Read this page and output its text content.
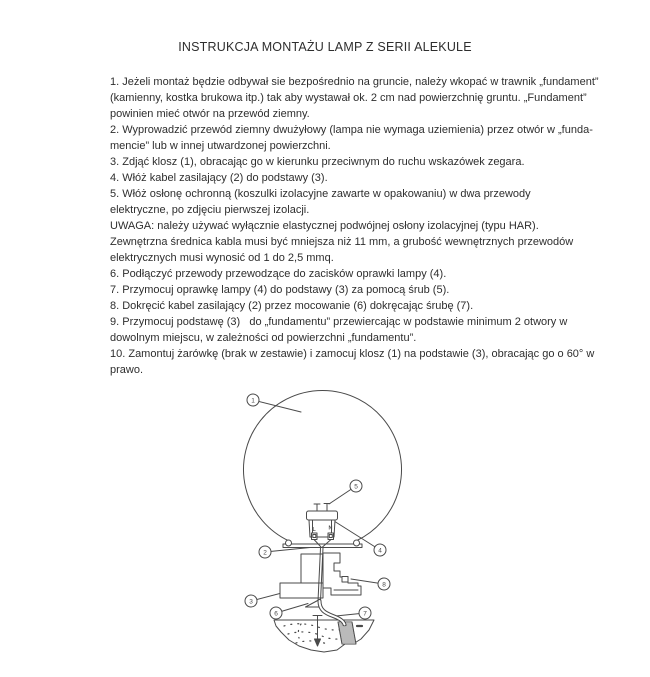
INSTRUKCJA MONTAŻU LAMP Z SERII ALEKULE
1. Jeżeli montaż będzie odbywał sie bezpośrednio na gruncie, należy wkopać w trawnik „fundament”
(kamienny, kostka brukowa itp.) tak aby wystawał ok. 2 cm nad powierzchnię gruntu. „Fundament”
powinien mieć otwór na przewód ziemny.
2. Wyprowadzić przewód ziemny dwużyłowy (lampa nie wymaga uziemienia) przez otwór w „funda-
mencie” lub w innej utwardzonej powierzchni.
3. Zdjąć klosz (1), obracając go w kierunku przeciwnym do ruchu wskazówek zegara.
4. Włóż kabel zasilający (2) do podstawy (3).
5. Włóż osłonę ochronną (koszulki izolacyjne zawarte w opakowaniu) w dwa przewody
elektryczne, po zdjęciu pierwszej izolacji.
UWAGA: należy używać wyłącznie elastycznej podwójnej osłony izolacyjnej (typu HAR).
Zewnętrzna średnica kabla musi być mniejsza niż 11 mm, a grubość wewnętrznych przewodów
elektrycznych musi wynosić od 1 do 2,5 mmq.
6. Podłączyć przewody przewodzące do zacisków oprawki lampy (4).
7. Przymocuj oprawkę lampy (4) do podstawy (3) za pomocą śrub (5).
8. Dokręcić kabel zasilający (2) przez mocowanie (6) dokręcając śrubę (7).
9. Przymocuj podstawę (3)   do „fundamentu” przewiercając w podstawie minimum 2 otwory w
dowolnym miejscu, w zależności od powierzchni „fundamentu”.
10. Zamontuj żarówkę (brak w zestawie) i zamocuj klosz (1) na podstawie (3), obracając go o 60° w
prawo.
1
2
3
4
5
6	7
8
L N
